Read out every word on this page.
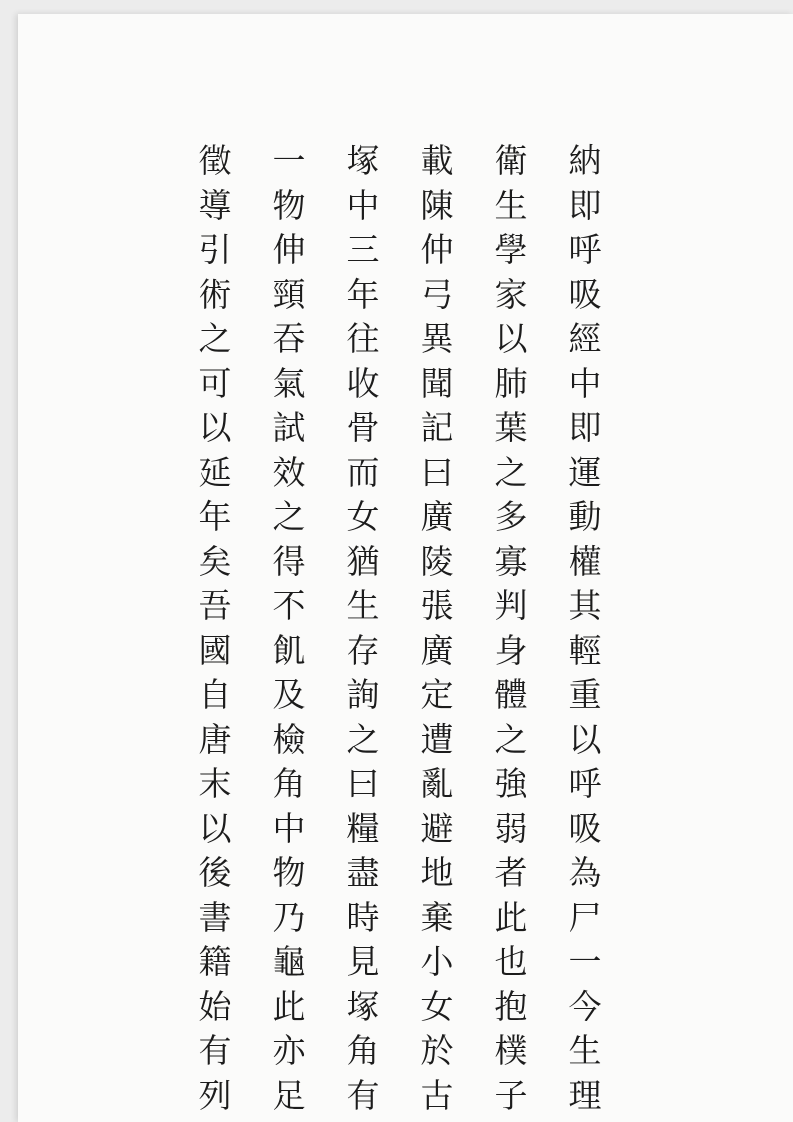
納即呼吸經中即運動權其輕重以呼吸為尸一今生理
衛生學家以肺葉之多寡判身體之強弱者此也抱樸子
載陳仲弓異聞記曰廣陵張廣定遭亂避地棄小女於古
塚中三年往收骨而女猶生存詢之曰糧盡時見塚角有
一物伸頸吞氣試效之得不飢及檢角中物乃龜此亦足
徵導引術之可以延年矣吾國自唐末以後書籍始有列
